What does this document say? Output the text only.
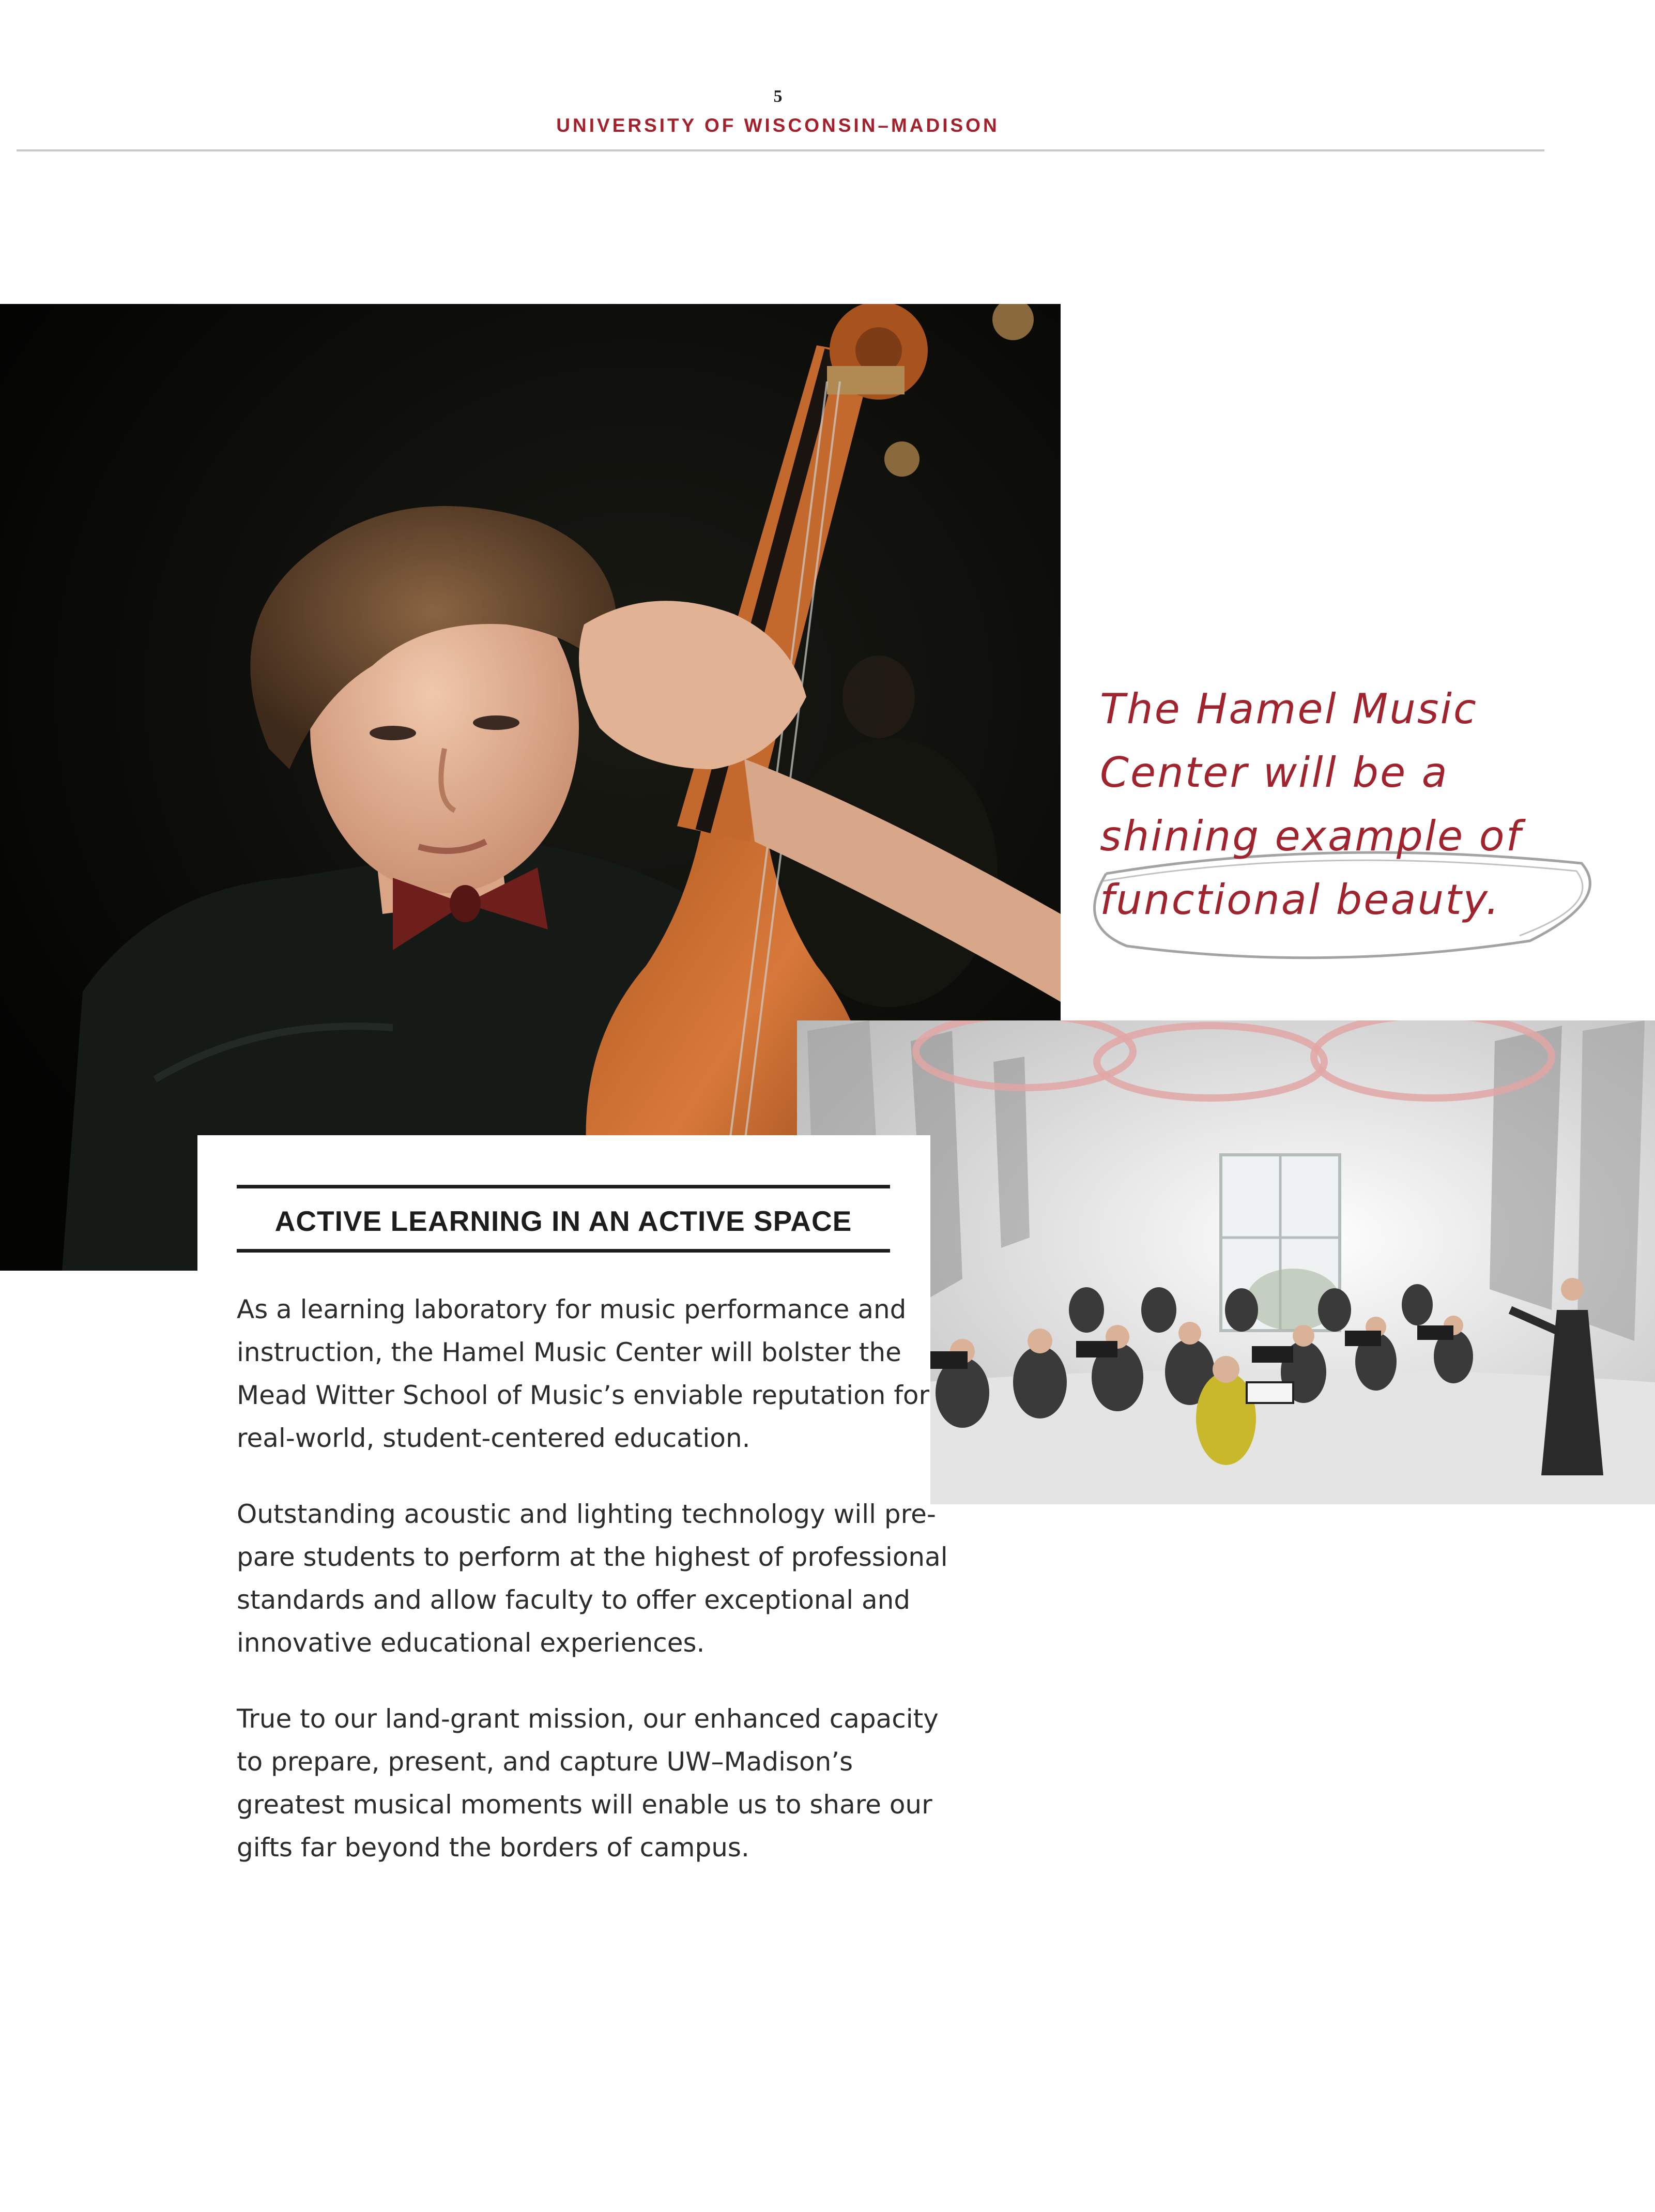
5
UNIVERSITY OF WISCONSIN–MADISON
The Hamel Music
Center will be a
shining example of
functional beauty.
ACTIVE LEARNING IN AN ACTIVE SPACE

As a learning laboratory for music performance and
instruction, the Hamel Music Center will bolster the
Mead Witter School of Music’s enviable reputation for
real-world, student-centered education.

Outstanding acoustic and lighting technology will pre-
pare students to perform at the highest of professional
standards and allow faculty to offer exceptional and
innovative educational experiences.

True to our land-grant mission, our enhanced capacity
to prepare, present, and capture UW–Madison’s
greatest musical moments will enable us to share our
gifts far beyond the borders of campus.
